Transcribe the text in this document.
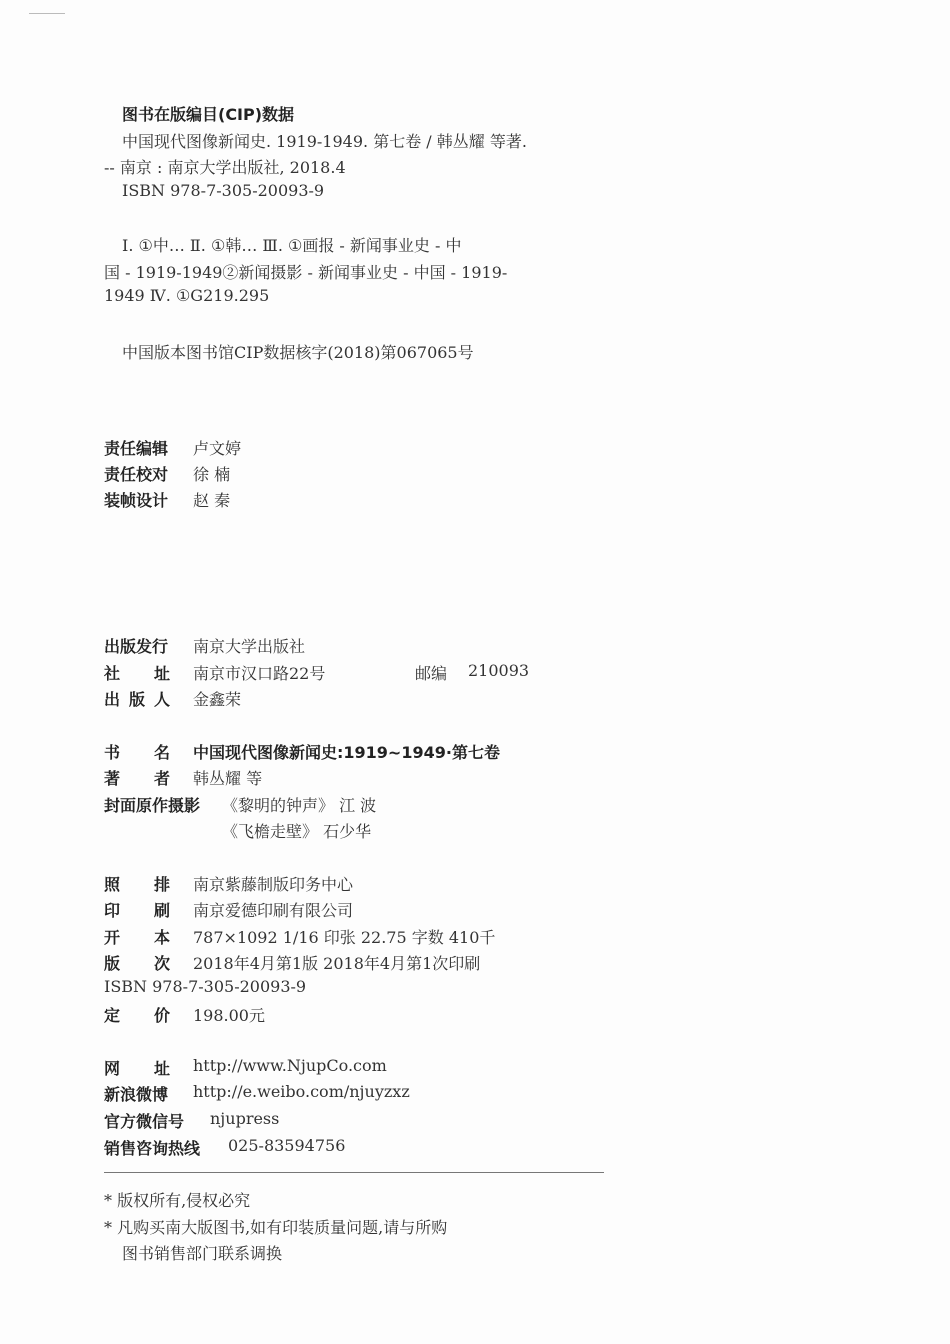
图书在版编目(CIP)数据
中国现代图像新闻史. 1919-1949. 第七卷 / 韩丛耀 等著.
-- 南京 : 南京大学出版社, 2018.4
ISBN 978-7-305-20093-9
Ⅰ. ①中… Ⅱ. ①韩… Ⅲ. ①画报 - 新闻事业史 - 中
国 - 1919-1949②新闻摄影 - 新闻事业史 - 中国 - 1919-
1949 Ⅳ. ①G219.295
中国版本图书馆CIP数据核字(2018)第067065号
责任编辑 卢文婷
责任校对 徐 楠
装帧设计 赵 秦
出版发行 南京大学出版社
社址
南京市汉口路22号	邮编 210093
出版人 金鑫荣
书名
中国现代图像新闻史:1919~1949·第七卷
著者
韩丛耀 等
封面原作摄影 《黎明的钟声》 江 波
《飞檐走壁》 石少华
照排
南京紫藤制版印务中心
印刷
南京爱德印刷有限公司
开本
787×1092 1/16 印张 22.75 字数 410千
版次
2018年4月第1版 2018年4月第1次印刷
ISBN 978-7-305-20093-9
定价
198.00元
网址
http://www.NjupCo.com
新浪微博 http://e.weibo.com/njuyzxz
官方微信号 njupress
销售咨询热线 025-83594756
* 版权所有,侵权必究
* 凡购买南大版图书,如有印装质量问题,请与所购
图书销售部门联系调换
